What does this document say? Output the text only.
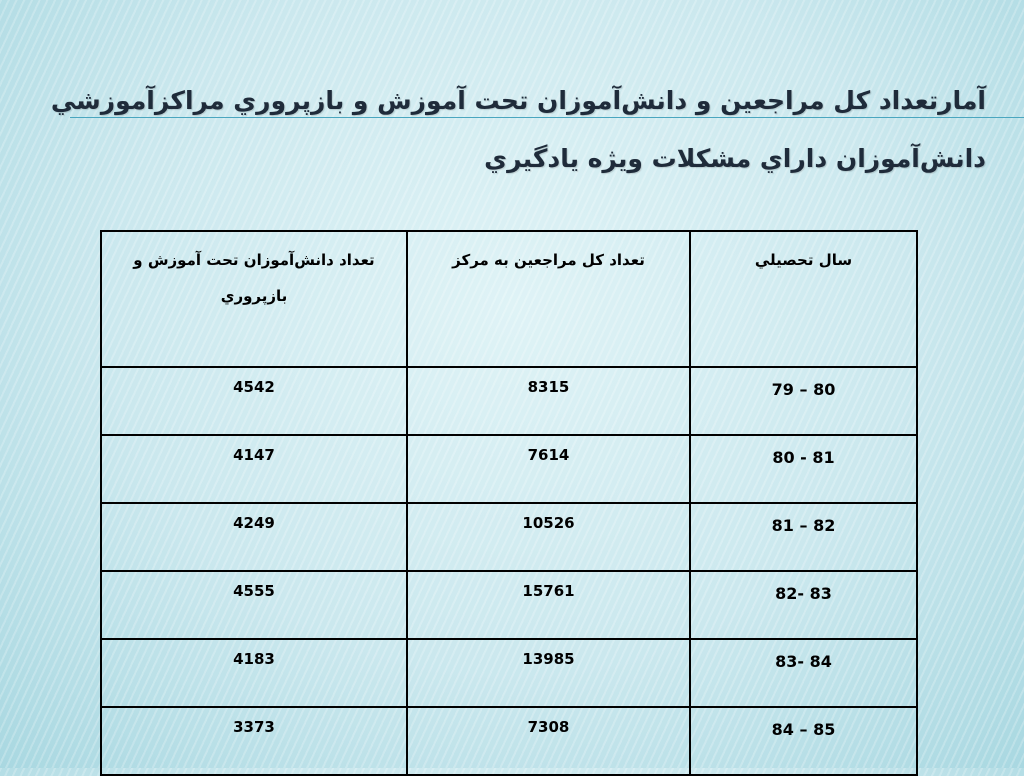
آمارتعداد کل مراجعين و دانش‌آموزان تحت آموزش و بازپروري مراکزآموزشي
دانش‌آموزان داراي مشکلات ويژه يادگيري
تعداد دانش‌آموزان تحت آموزش و بازپروري	تعداد کل مراجعين به مرکز	سال تحصيلي
4542	8315	79 – 80
4147	7614	80 - 81
4249	10526	81 – 82
4555	15761	82- 83
4183	13985	83- 84
3373	7308	84 – 85
